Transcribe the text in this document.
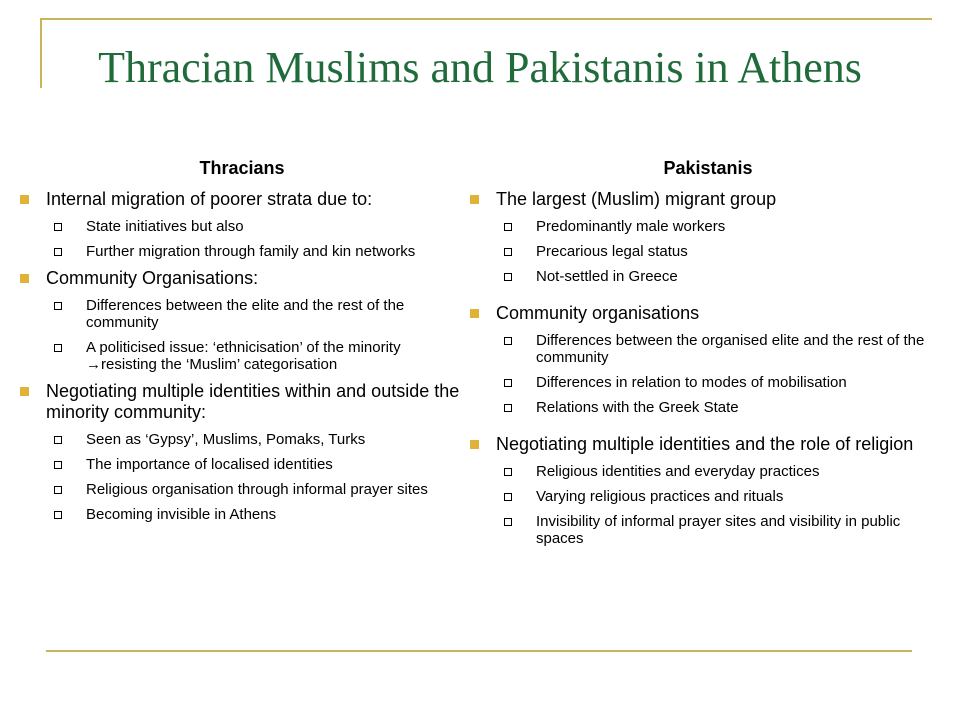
Thracian Muslims and Pakistanis in Athens
Thracians
Internal migration of poorer strata due to:
State initiatives but also
Further migration through family and kin networks
Community Organisations:
Differences between the elite and the rest of the community
A politicised issue: ‘ethnicisation’ of the minority →resisting the ‘Muslim’ categorisation
Negotiating multiple identities within and outside the minority community:
Seen as ‘Gypsy’, Muslims, Pomaks, Turks
The importance of localised identities
Religious organisation through informal prayer sites
Becoming invisible in Athens
Pakistanis
The largest (Muslim) migrant group
Predominantly male workers
Precarious legal status
Not-settled in Greece
Community organisations
Differences between the organised elite and the rest of the community
Differences in relation to modes of mobilisation
Relations with the Greek State
Negotiating multiple identities and the role of religion
Religious identities and everyday practices
Varying religious practices and rituals
Invisibility of informal prayer sites and visibility in public spaces
